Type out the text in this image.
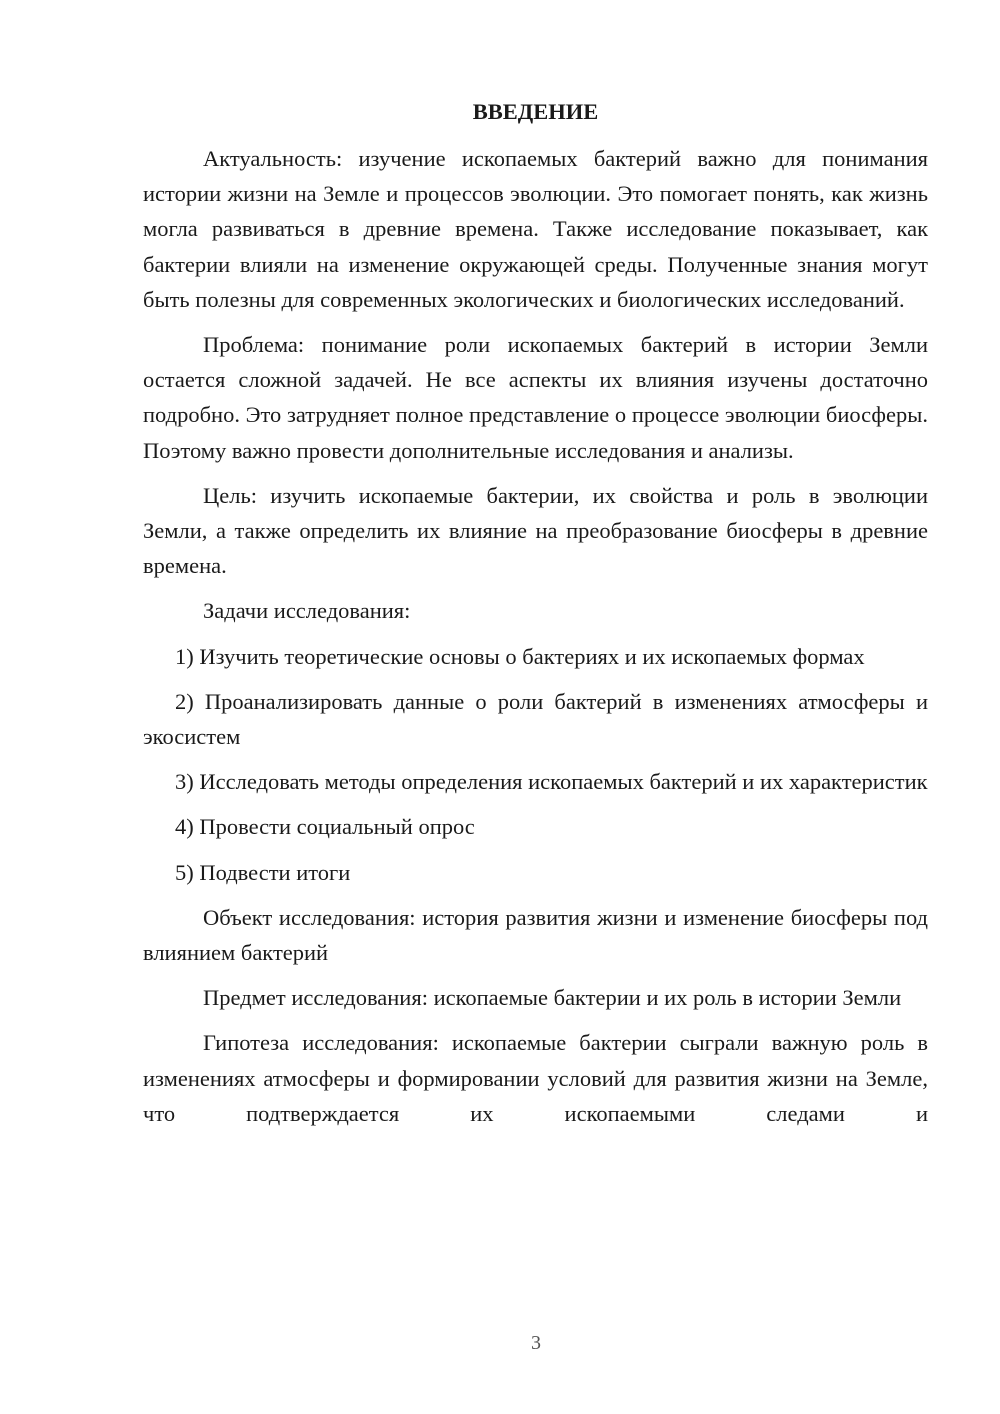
ВВЕДЕНИЕ

Актуальность: изучение ископаемых бактерий важно для понимания истории жизни на Земле и процессов эволюции. Это помогает понять, как жизнь могла развиваться в древние времена. Также исследование показывает, как бактерии влияли на изменение окружающей среды. Полученные знания могут быть полезны для современных экологических и биологических исследований.

Проблема: понимание роли ископаемых бактерий в истории Земли остается сложной задачей. Не все аспекты их влияния изучены достаточно подробно. Это затрудняет полное представление о процессе эволюции биосферы. Поэтому важно провести дополнительные исследования и анализы.

Цель: изучить ископаемые бактерии, их свойства и роль в эволюции Земли, а также определить их влияние на преобразование биосферы в древние времена.

Задачи исследования:

1) Изучить теоретические основы о бактериях и их ископаемых формах

2) Проанализировать данные о роли бактерий в изменениях атмосферы и экосистем

3) Исследовать методы определения ископаемых бактерий и их характеристик

4) Провести социальный опрос

5) Подвести итоги

Объект исследования: история развития жизни и изменение биосферы под влиянием бактерий

Предмет исследования: ископаемые бактерии и их роль в истории Земли

Гипотеза исследования: ископаемые бактерии сыграли важную роль в изменениях атмосферы и формировании условий для развития жизни на Земле, что подтверждается их ископаемыми следами и

3
